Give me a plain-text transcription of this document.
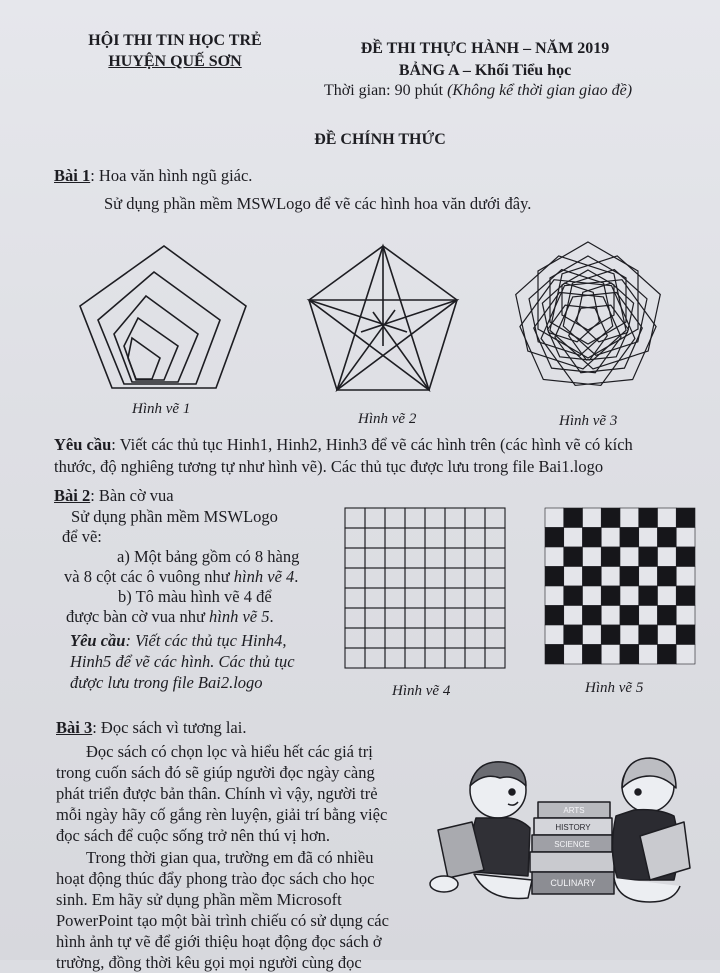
HỘI THI TIN HỌC TRẺ
HUYỆN QUẾ SƠN
ĐỀ THI THỰC HÀNH – NĂM 2019
BẢNG A – Khối Tiểu học
Thời gian: 90 phút (Không kể thời gian giao đề)
ĐỀ CHÍNH THỨC
Bài 1: Hoa văn hình ngũ giác.
Sử dụng phần mềm MSWLogo để vẽ các hình hoa văn dưới đây.
Hình vẽ 1
Hình vẽ 2	Hình vẽ 3
Yêu cầu: Viết các thủ tục Hinh1, Hinh2, Hinh3 để vẽ các hình trên (các hình vẽ có kích
thước, độ nghiêng tương tự như hình vẽ). Các thủ tục được lưu trong file Bai1.logo
Bài 2: Bàn cờ vua
Sử dụng phần mềm MSWLogo
để vẽ:
a) Một bảng gồm có 8 hàng
và 8 cột các ô vuông như hình vẽ 4.
b) Tô màu hình vẽ 4 để
được bàn cờ vua như hình vẽ 5.
Yêu cầu: Viết các thủ tục Hinh4,
Hinh5 để vẽ các hình. Các thủ tục
được lưu trong file Bai2.logo	Hình vẽ 4	Hình vẽ 5
Bài 3: Đọc sách vì tương lai.
Đọc sách có chọn lọc và hiểu hết các giá trị
trong cuốn sách đó sẽ giúp người đọc ngày càng
phát triển được bản thân. Chính vì vậy, người trẻ
mỗi ngày hãy cố gắng rèn luyện, giải trí bằng việc
đọc sách để cuộc sống trở nên thú vị hơn.
Trong thời gian qua, trường em đã có nhiều
hoạt động thúc đẩy phong trào đọc sách cho học
sinh. Em hãy sử dụng phần mềm Microsoft
PowerPoint tạo một bài trình chiếu có sử dụng các
hình ảnh tự vẽ để giới thiệu hoạt động đọc sách ở
trường, đồng thời kêu gọi mọi người cùng đọc
ARTS
HISTORY
SCIENCE
CULINARY
